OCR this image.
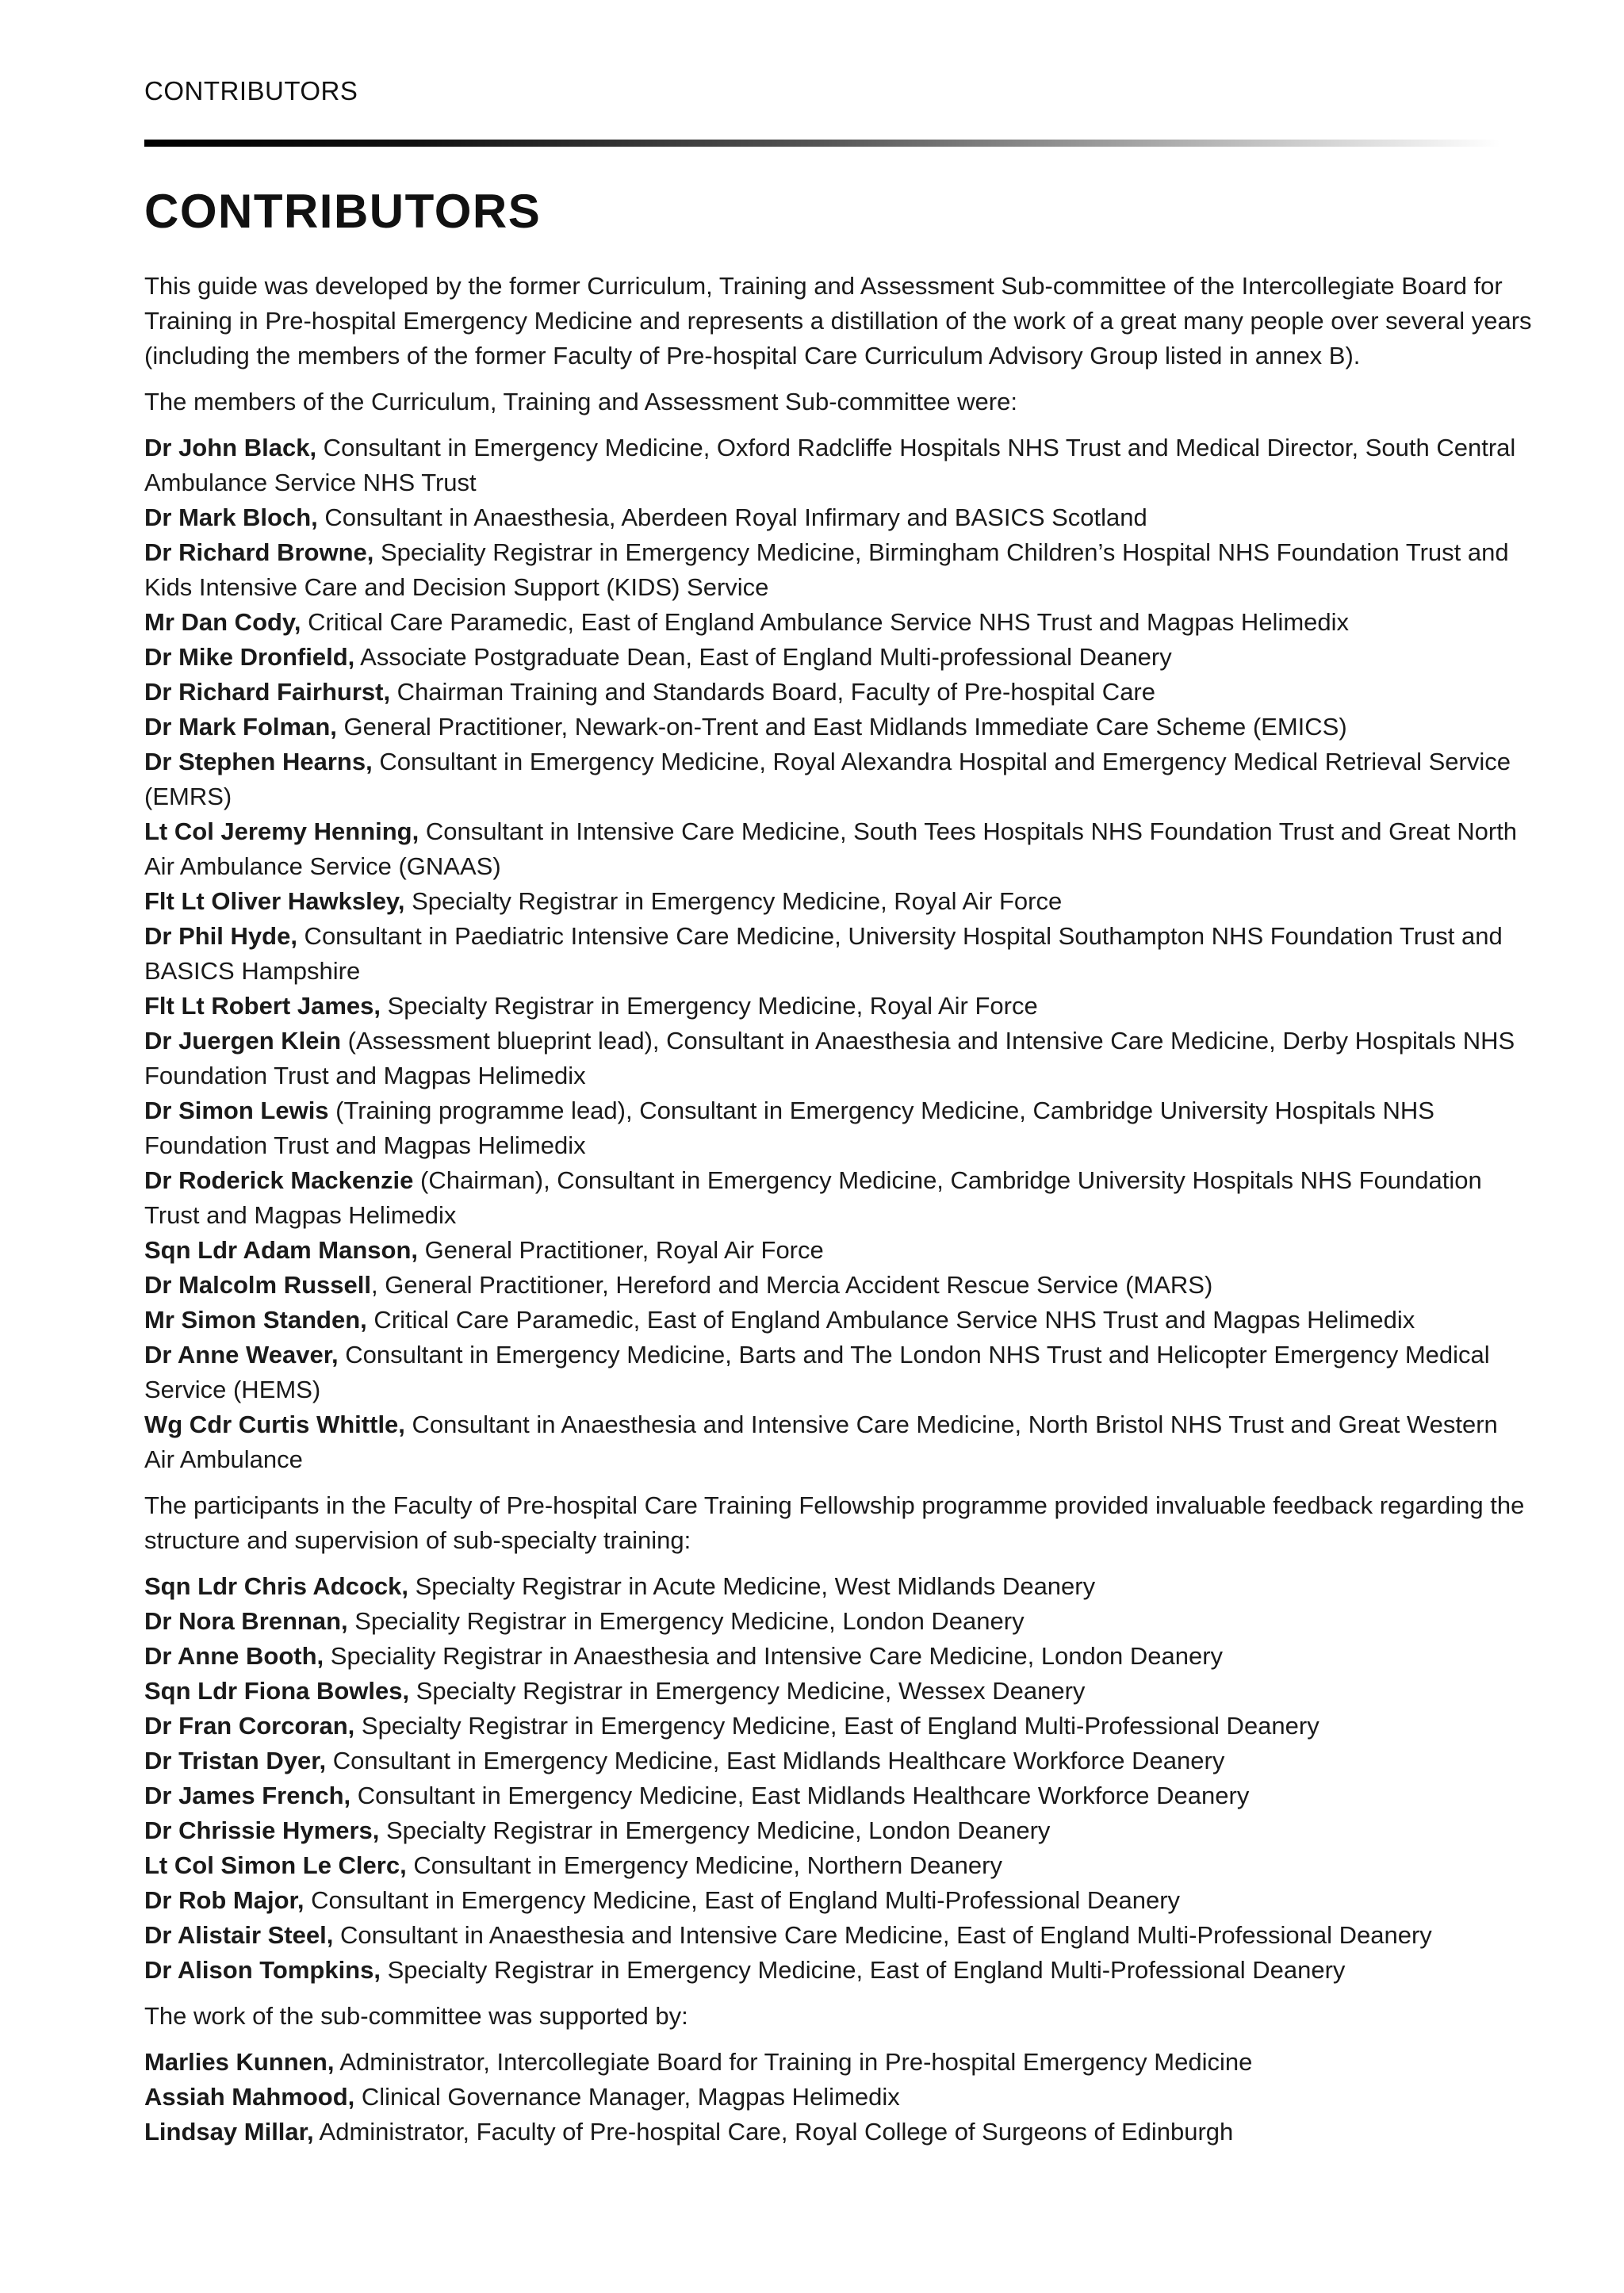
CONTRIBUTORS
CONTRIBUTORS

This guide was developed by the former Curriculum, Training and Assessment Sub-committee of the Intercollegiate Board for Training in Pre-hospital Emergency Medicine and represents a distillation of the work of a great many people over several years (including the members of the former Faculty of Pre-hospital Care Curriculum Advisory Group listed in annex B).

The members of the Curriculum, Training and Assessment Sub-committee were:

Dr John Black, Consultant in Emergency Medicine, Oxford Radcliffe Hospitals NHS Trust and Medical Director, South Central Ambulance Service NHS Trust
Dr Mark Bloch, Consultant in Anaesthesia, Aberdeen Royal Infirmary and BASICS Scotland
Dr Richard Browne, Speciality Registrar in Emergency Medicine, Birmingham Children’s Hospital NHS Foundation Trust and Kids Intensive Care and Decision Support (KIDS) Service
Mr Dan Cody, Critical Care Paramedic, East of England Ambulance Service NHS Trust and Magpas Helimedix
Dr Mike Dronfield, Associate Postgraduate Dean, East of England Multi-professional Deanery
Dr Richard Fairhurst, Chairman Training and Standards Board, Faculty of Pre-hospital Care
Dr Mark Folman, General Practitioner, Newark-on-Trent and East Midlands Immediate Care Scheme (EMICS)
Dr Stephen Hearns, Consultant in Emergency Medicine, Royal Alexandra Hospital and Emergency Medical Retrieval Service (EMRS)
Lt Col Jeremy Henning, Consultant in Intensive Care Medicine, South Tees Hospitals NHS Foundation Trust and Great North Air Ambulance Service (GNAAS)
Flt Lt Oliver Hawksley, Specialty Registrar in Emergency Medicine, Royal Air Force
Dr Phil Hyde, Consultant in Paediatric Intensive Care Medicine, University Hospital Southampton NHS Foundation Trust and BASICS Hampshire
Flt Lt Robert James, Specialty Registrar in Emergency Medicine, Royal Air Force
Dr Juergen Klein (Assessment blueprint lead), Consultant in Anaesthesia and Intensive Care Medicine, Derby Hospitals NHS Foundation Trust and Magpas Helimedix
Dr Simon Lewis (Training programme lead), Consultant in Emergency Medicine, Cambridge University Hospitals NHS Foundation Trust and Magpas Helimedix
Dr Roderick Mackenzie (Chairman), Consultant in Emergency Medicine, Cambridge University Hospitals NHS Foundation Trust and Magpas Helimedix
Sqn Ldr Adam Manson, General Practitioner, Royal Air Force
Dr Malcolm Russell, General Practitioner, Hereford and Mercia Accident Rescue Service (MARS)
Mr Simon Standen, Critical Care Paramedic, East of England Ambulance Service NHS Trust and Magpas Helimedix
Dr Anne Weaver, Consultant in Emergency Medicine, Barts and The London NHS Trust and Helicopter Emergency Medical Service (HEMS)
Wg Cdr Curtis Whittle, Consultant in Anaesthesia and Intensive Care Medicine, North Bristol NHS Trust and Great Western Air Ambulance

The participants in the Faculty of Pre-hospital Care Training Fellowship programme provided invaluable feedback regarding the structure and supervision of sub-specialty training:

Sqn Ldr Chris Adcock, Specialty Registrar in Acute Medicine, West Midlands Deanery
Dr Nora Brennan, Speciality Registrar in Emergency Medicine, London Deanery
Dr Anne Booth, Speciality Registrar in Anaesthesia and Intensive Care Medicine, London Deanery
Sqn Ldr Fiona Bowles, Specialty Registrar in Emergency Medicine, Wessex Deanery
Dr Fran Corcoran, Specialty Registrar in Emergency Medicine, East of England Multi-Professional Deanery
Dr Tristan Dyer, Consultant in Emergency Medicine, East Midlands Healthcare Workforce Deanery
Dr James French, Consultant in Emergency Medicine, East Midlands Healthcare Workforce Deanery
Dr Chrissie Hymers, Specialty Registrar in Emergency Medicine, London Deanery
Lt Col Simon Le Clerc, Consultant in Emergency Medicine, Northern Deanery
Dr Rob Major, Consultant in Emergency Medicine, East of England Multi-Professional Deanery
Dr Alistair Steel, Consultant in Anaesthesia and Intensive Care Medicine, East of England Multi-Professional Deanery
Dr Alison Tompkins, Specialty Registrar in Emergency Medicine, East of England Multi-Professional Deanery

The work of the sub-committee was supported by:

Marlies Kunnen, Administrator, Intercollegiate Board for Training in Pre-hospital Emergency Medicine
Assiah Mahmood, Clinical Governance Manager, Magpas Helimedix
Lindsay Millar, Administrator, Faculty of Pre-hospital Care, Royal College of Surgeons of Edinburgh
